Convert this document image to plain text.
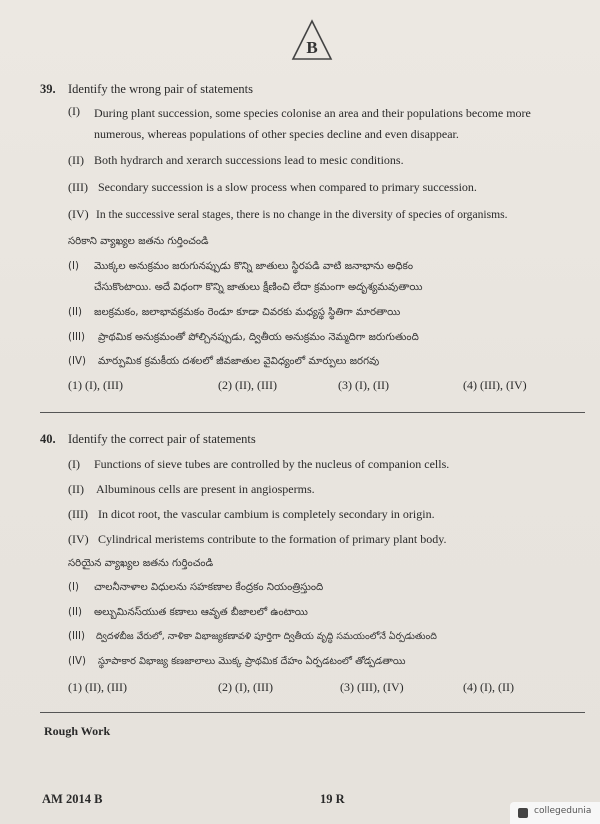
B
39. Identify the wrong pair of statements
(I) During plant succession, some species colonise an area and their populations become more numerous, whereas populations of other species decline and even disappear.
(II) Both hydrarch and xerarch successions lead to mesic conditions.
(III) Secondary succession is a slow process when compared to primary succession.
(IV) In the successive seral stages, there is no change in the diversity of species of organisms.
సరికాని వ్యాఖ్యల జతను గుర్తించండి
(I) మొక్కల అనుక్రమం జరుగునప్పుడు కొన్ని జాతులు స్థిరపడి వాటి జనాభాను అధికం
చేసుకొంటాయి. అదే విధంగా కొన్ని జాతులు క్షీణించి లేదా క్రమంగా అదృశ్యమవుతాయి
(II) జలక్రమకం, జలాభావక్రమకం రెండూ కూడా చివరకు మధ్యస్థ స్థితిగా మారతాయి
(III) ప్రాథమిక అనుక్రమంతో పోల్చినప్పుడు, ద్వితీయ అనుక్రమం నెమ్మదిగా జరుగుతుంది
(IV) మార్పుమిక క్రమకీయ దశలలో జీవజాతుల వైవిధ్యంలో మార్పులు జరగవు
(1) (I), (III)	(2) (II), (III)	(3) (I), (II)	(4) (III), (IV)
40. Identify the correct pair of statements
(I) Functions of sieve tubes are controlled by the nucleus of companion cells.
(II) Albuminous cells are present in angiosperms.
(III) In dicot root, the vascular cambium is completely secondary in origin.
(IV) Cylindrical meristems contribute to the formation of primary plant body.
సరియైన వ్యాఖ్యల జతను గుర్తించండి
(I) చాలనీనాళాల విధులను సహకణాల కేంద్రకం నియంత్రిస్తుంది
(II) అల్బుమినస్‌యుత కణాలు ఆవృత బీజాలలో ఉంటాయి
(III) ద్విదళబీజ వేరులో, నాళికా విభాజ్యకణావళి పూర్తిగా ద్వితీయ వృద్ధి సమయంలోనే ఏర్పడుతుంది
(IV) స్థూపాకార విభాజ్య కణజాలాలు మొక్క ప్రాథమిక దేహం ఏర్పడటంలో తోడ్పడతాయి
(1) (II), (III)	(2) (I), (III)	(3) (III), (IV)	(4) (I), (II)
Rough Work
AM 2014 B	19 R
collegedunia
